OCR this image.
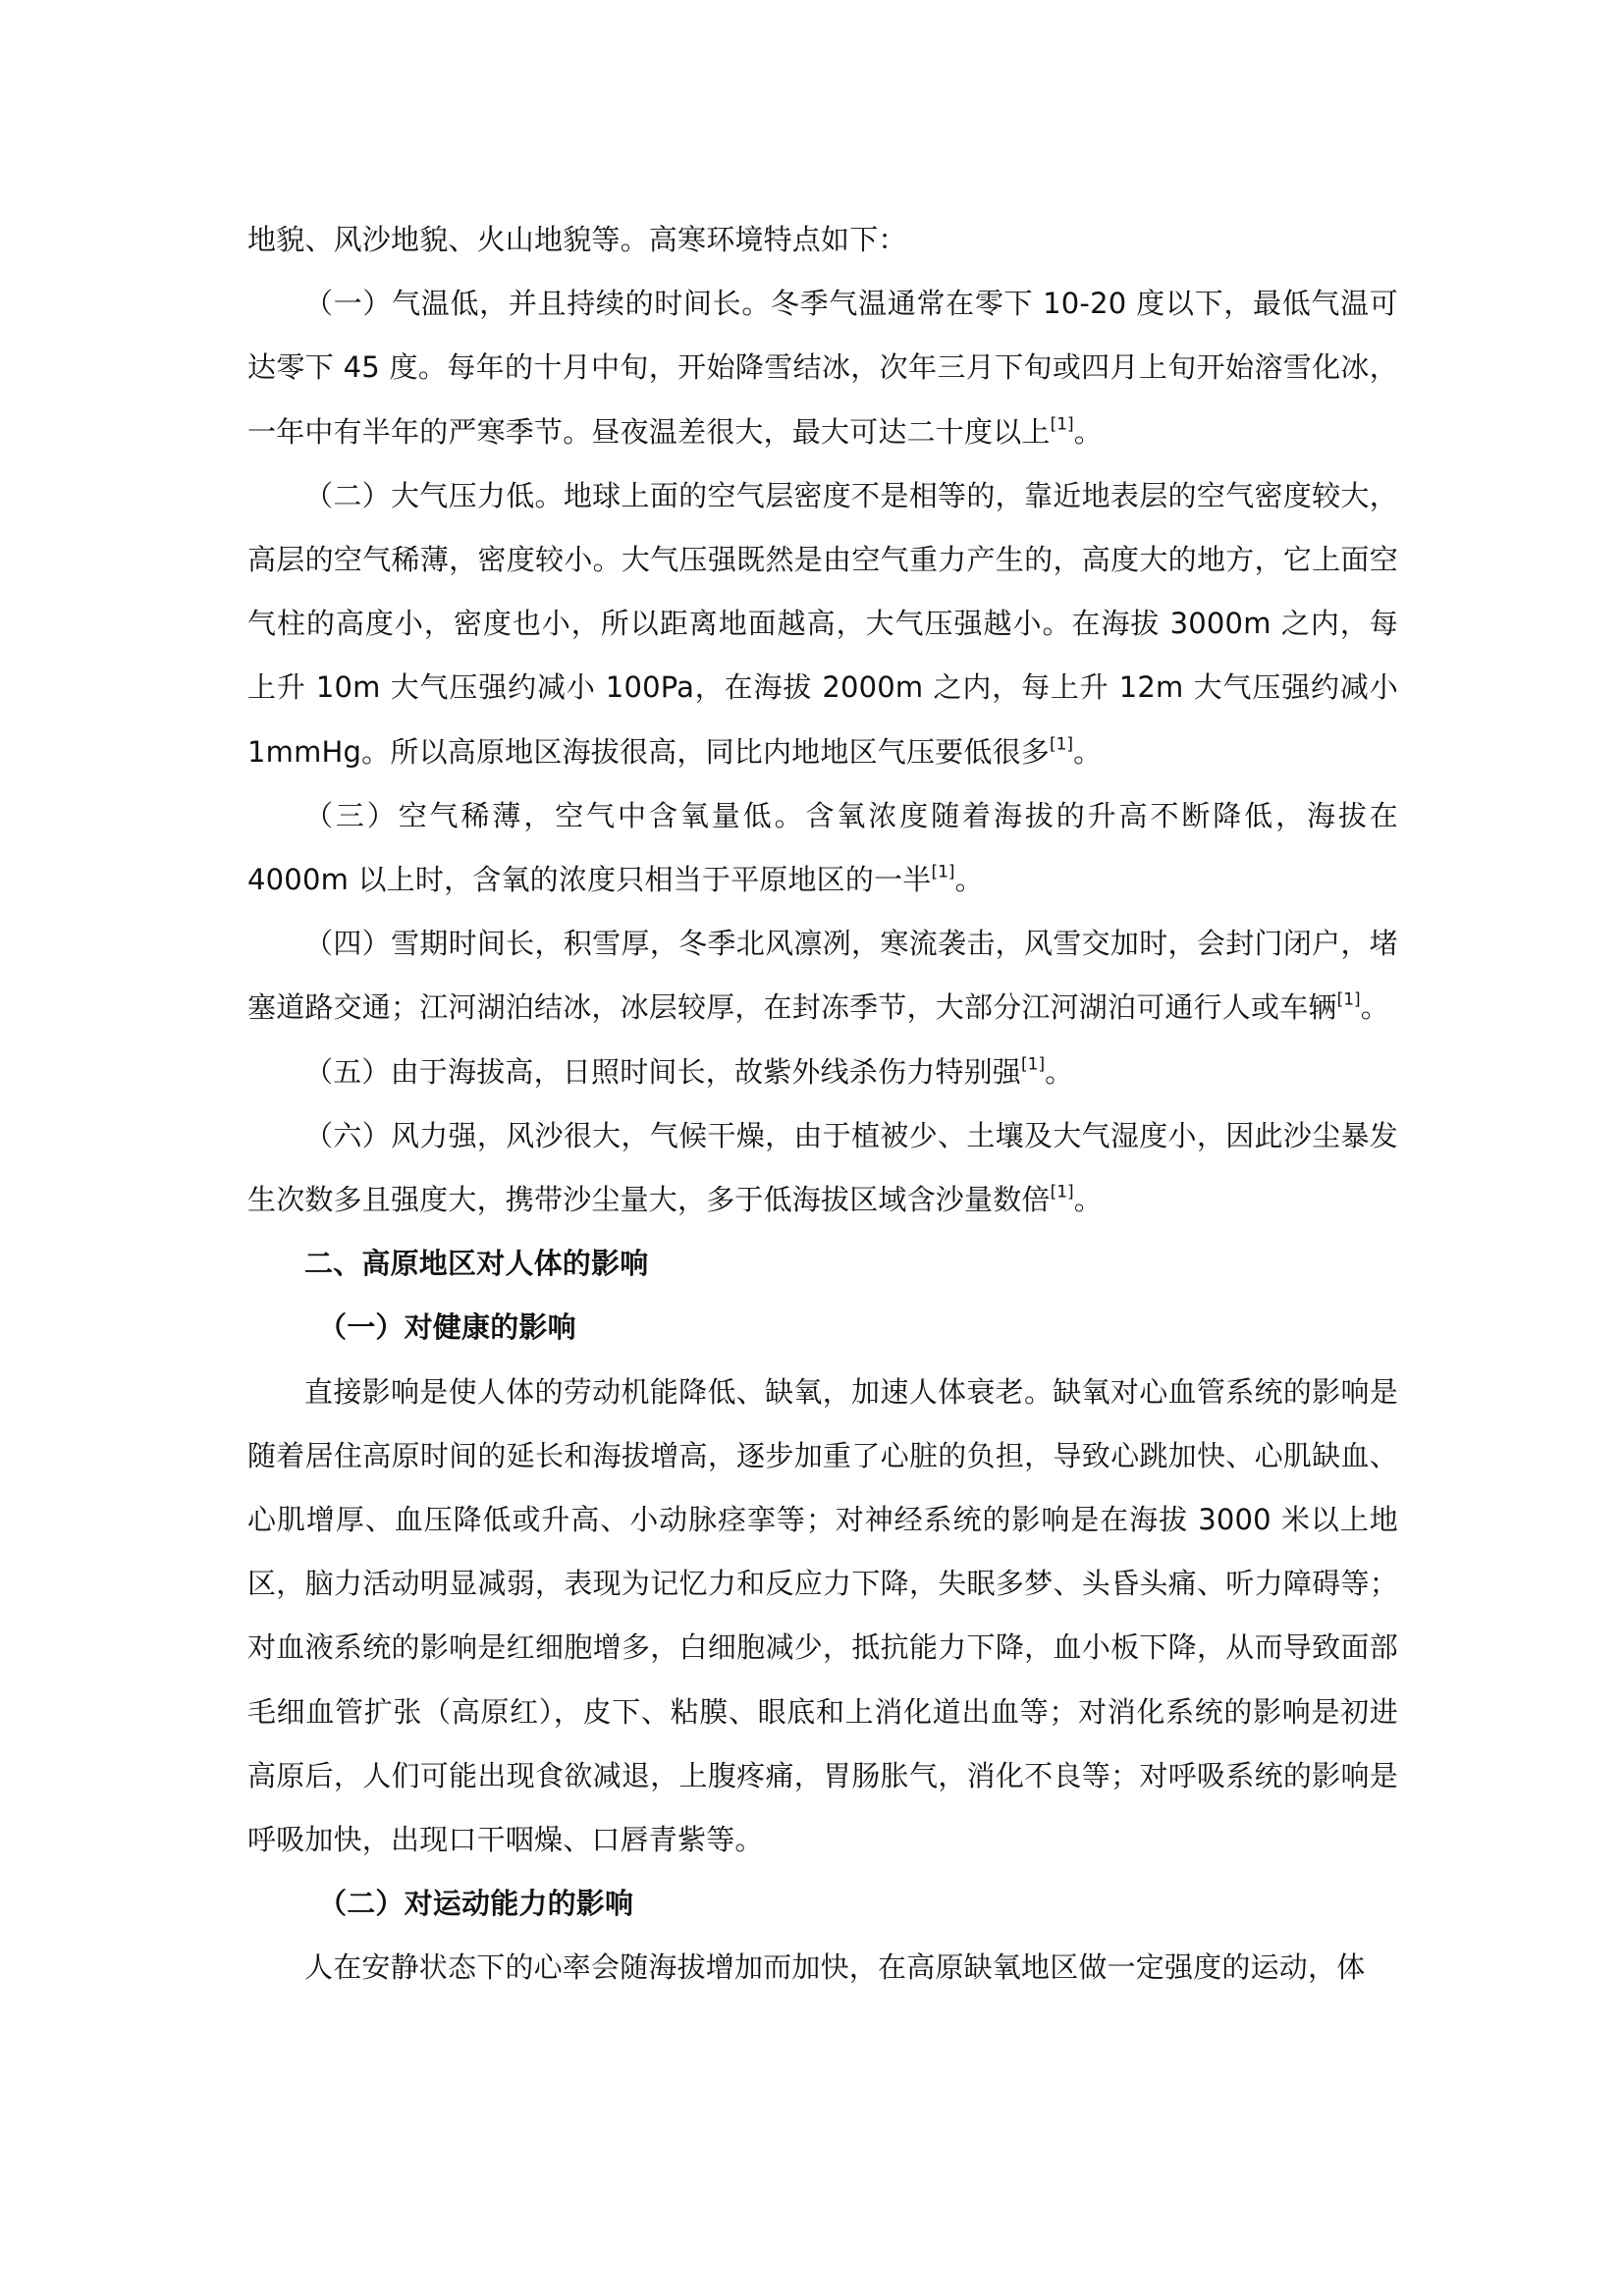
地貌、风沙地貌、火山地貌等。高寒环境特点如下：

（一）气温低，并且持续的时间长。冬季气温通常在零下 10-20 度以下，最低气温可达零下 45 度。每年的十月中旬，开始降雪结冰，次年三月下旬或四月上旬开始溶雪化冰，一年中有半年的严寒季节。昼夜温差很大，最大可达二十度以上[1]。

（二）大气压力低。地球上面的空气层密度不是相等的，靠近地表层的空气密度较大，高层的空气稀薄，密度较小。大气压强既然是由空气重力产生的，高度大的地方，它上面空气柱的高度小，密度也小，所以距离地面越高，大气压强越小。在海拔 3000m 之内，每上升 10m 大气压强约减小 100Pa，在海拔 2000m 之内，每上升 12m 大气压强约减小 1mmHg。所以高原地区海拔很高，同比内地地区气压要低很多[1]。

（三）空气稀薄，空气中含氧量低。含氧浓度随着海拔的升高不断降低，海拔在 4000m 以上时，含氧的浓度只相当于平原地区的一半[1]。

（四）雪期时间长，积雪厚，冬季北风凛冽，寒流袭击，风雪交加时，会封门闭户，堵塞道路交通；江河湖泊结冰，冰层较厚，在封冻季节，大部分江河湖泊可通行人或车辆[1]。

（五）由于海拔高，日照时间长，故紫外线杀伤力特别强[1]。

（六）风力强，风沙很大，气候干燥，由于植被少、土壤及大气湿度小，因此沙尘暴发生次数多且强度大，携带沙尘量大，多于低海拔区域含沙量数倍[1]。

二、高原地区对人体的影响

（一）对健康的影响

直接影响是使人体的劳动机能降低、缺氧，加速人体衰老。缺氧对心血管系统的影响是随着居住高原时间的延长和海拔增高，逐步加重了心脏的负担，导致心跳加快、心肌缺血、心肌增厚、血压降低或升高、小动脉痉挛等；对神经系统的影响是在海拔 3000 米以上地区，脑力活动明显减弱，表现为记忆力和反应力下降，失眠多梦、头昏头痛、听力障碍等；对血液系统的影响是红细胞增多，白细胞减少，抵抗能力下降，血小板下降，从而导致面部毛细血管扩张（高原红），皮下、粘膜、眼底和上消化道出血等；对消化系统的影响是初进高原后，人们可能出现食欲减退，上腹疼痛，胃肠胀气，消化不良等；对呼吸系统的影响是呼吸加快，出现口干咽燥、口唇青紫等。

（二）对运动能力的影响

人在安静状态下的心率会随海拔增加而加快，在高原缺氧地区做一定强度的运动，体
